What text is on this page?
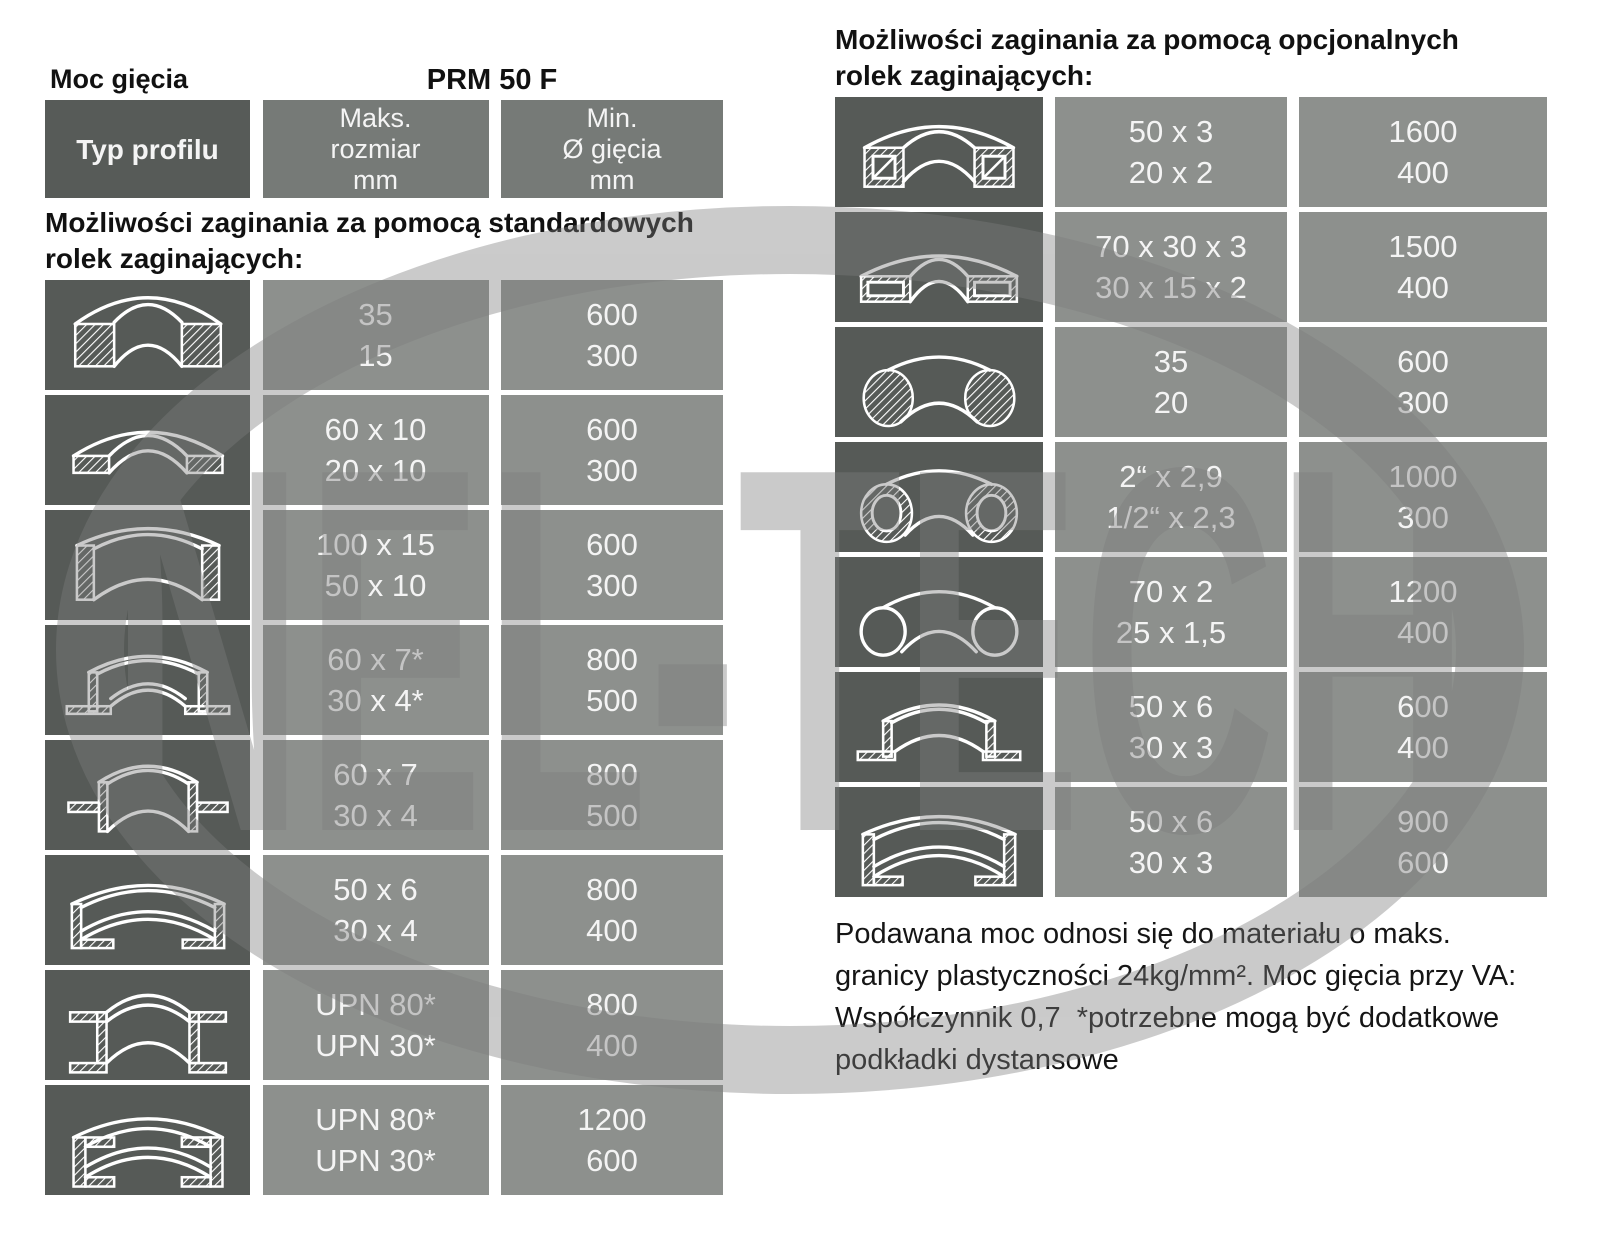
Moc gięcia	PRM 50 F
Typ profilu
Maks.
rozmiar
mm
Min.
Ø gięcia
mm
Możliwości zaginania za pomocą standardowych
rolek zaginających:
35
15
600
300
60 x 10
20 x 10
600
300
100 x 15
50 x 10
600
300
60 x 7*
30 x 4*
800
500
60 x 7
30 x 4
800
500
50 x 6
30 x 4
800
400
UPN 80*
UPN 30*
800
400
UPN 80*
UPN 30*
1200
600
Możliwości zaginania za pomocą opcjonalnych
rolek zaginających:
50 x 3
20 x 2
1600
400
70 x 30 x 3
30 x 15 x 2
1500
400
35
20
600
300
2“ x 2,9
1/2“ x 2,3
1000
300
70 x 2
25 x 1,5
1200
400
50 x 6
30 x 3
600
400
50 x 6
30 x 3
900
600
Podawana moc odnosi się do materiału o maks.
granicy plastyczności 24kg/mm². Moc gięcia przy VA:
Współczynnik 0,7  *potrzebne mogą być dodatkowe
podkładki dystansowe
NEL-TECH
